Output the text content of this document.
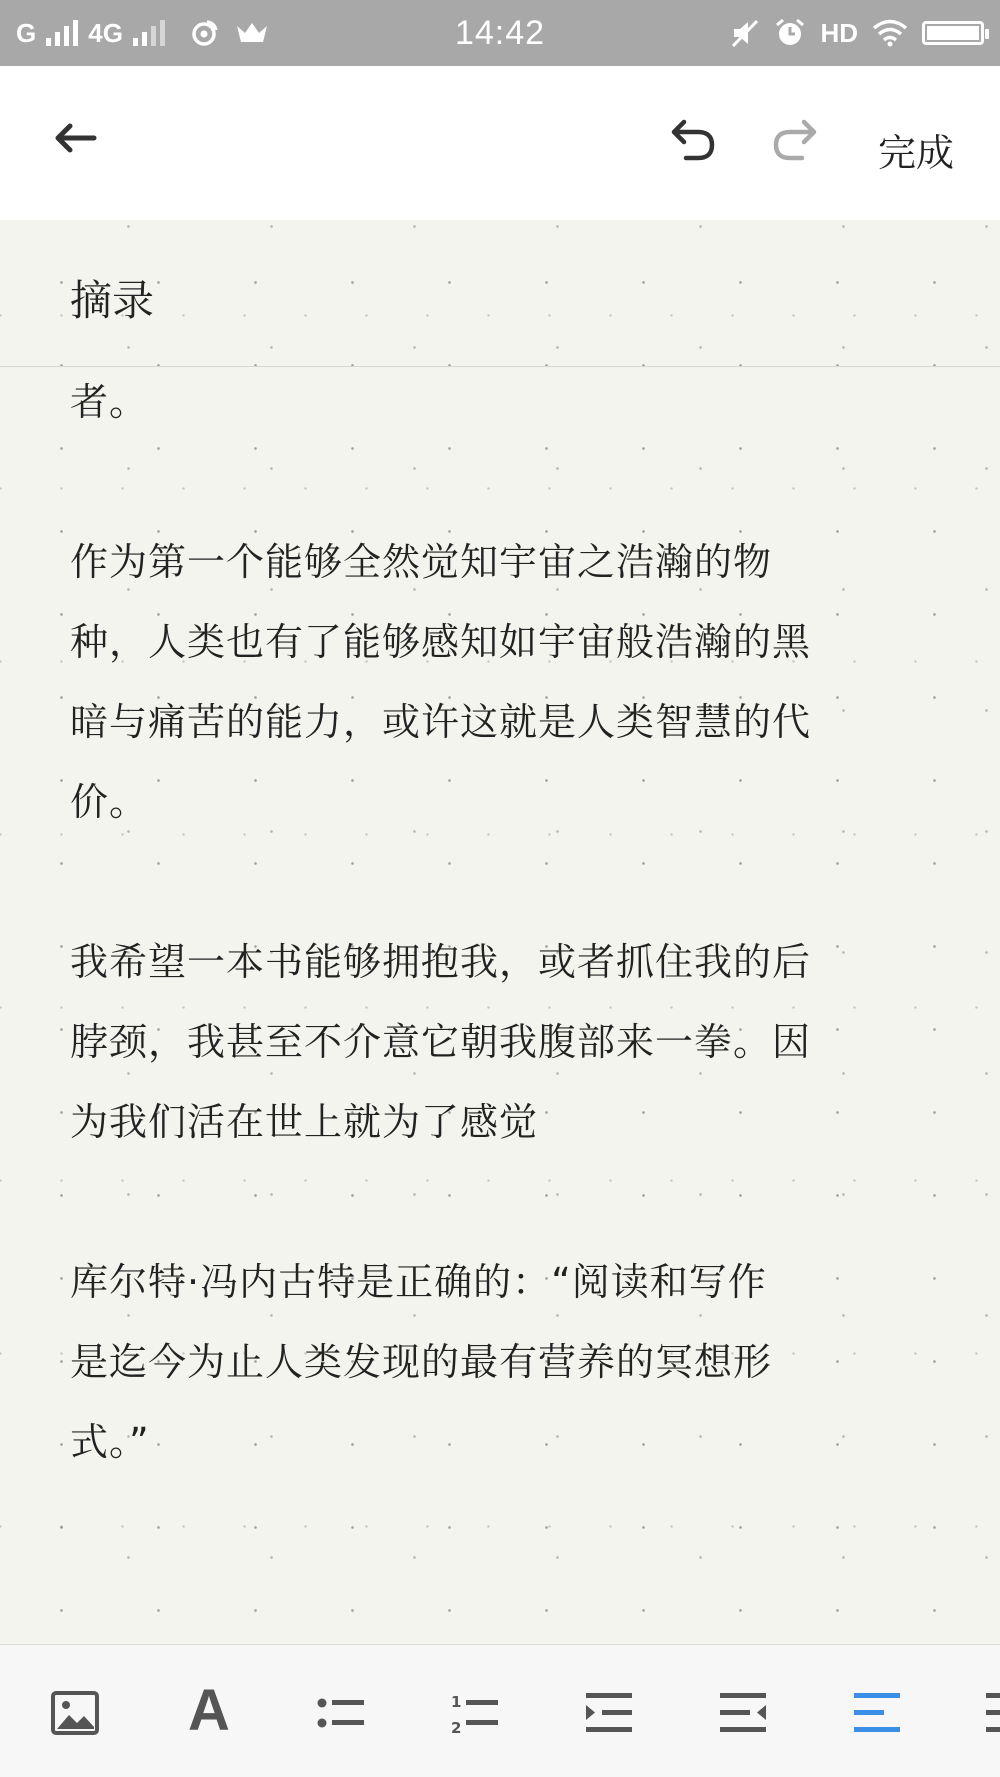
G 4G	14:42	HD
完成
摘录

者。

作为第一个能够全然觉知宇宙之浩瀚的物
种，人类也有了能够感知如宇宙般浩瀚的黑
暗与痛苦的能力，或许这就是人类智慧的代
价。

我希望一本书能够拥抱我，或者抓住我的后
脖颈，我甚至不介意它朝我腹部来一拳。因
为我们活在世上就为了感觉

库尔特·冯内古特是正确的：“阅读和写作
是迄今为止人类发现的最有营养的冥想形
式。”

A	1
2
